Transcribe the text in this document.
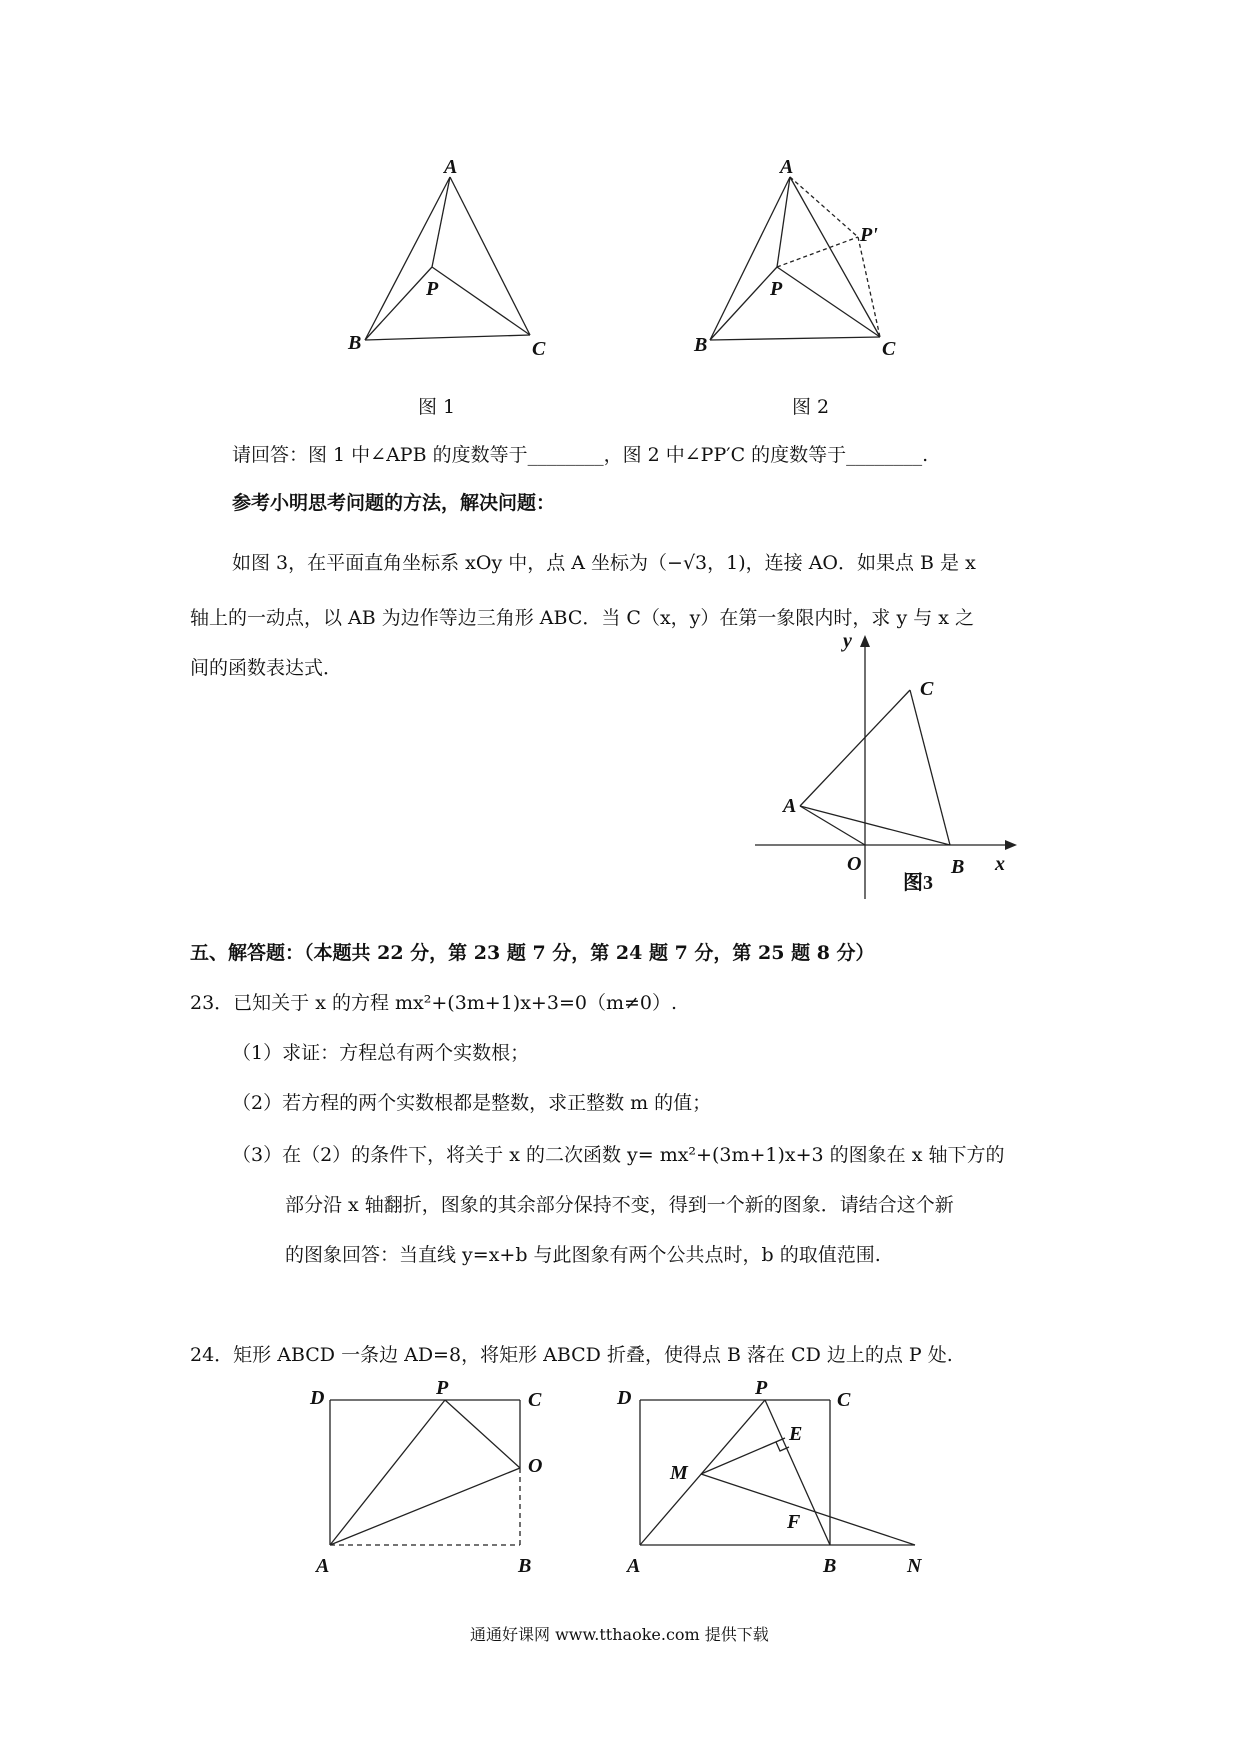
A
P
B	C
图 1
A
P'
P
B	C
图 2
请回答：图 1 中∠APB 的度数等于________，图 2 中∠PP′C 的度数等于________.
参考小明思考问题的方法，解决问题：
如图 3，在平面直角坐标系 xOy 中，点 A 坐标为（−√3，1)，连接 AO．如果点 B 是 x
轴上的一动点，以 AB 为边作等边三角形 ABC．当 C（x，y）在第一象限内时，求 y 与 x 之
间的函数表达式．
y
C
A
O	B x
图3
五、解答题：（本题共 22 分，第 23 题 7 分，第 24 题 7 分，第 25 题 8 分）
23．已知关于 x 的方程 mx²+(3m+1)x+3=0（m≠0）.
（1）求证：方程总有两个实数根；
（2）若方程的两个实数根都是整数，求正整数 m 的值；
（3）在（2）的条件下，将关于 x 的二次函数 y= mx²+(3m+1)x+3 的图象在 x 轴下方的
部分沿 x 轴翻折，图象的其余部分保持不变，得到一个新的图象．请结合这个新
的图象回答：当直线 y=x+b 与此图象有两个公共点时，b 的取值范围.
24．矩形 ABCD 一条边 AD=8，将矩形 ABCD 折叠，使得点 B 落在 CD 边上的点 P 处.
D	P
C
O
A	B
D	P
C
E
M
F
A	B	N
通通好课网 www.tthaoke.com 提供下载
